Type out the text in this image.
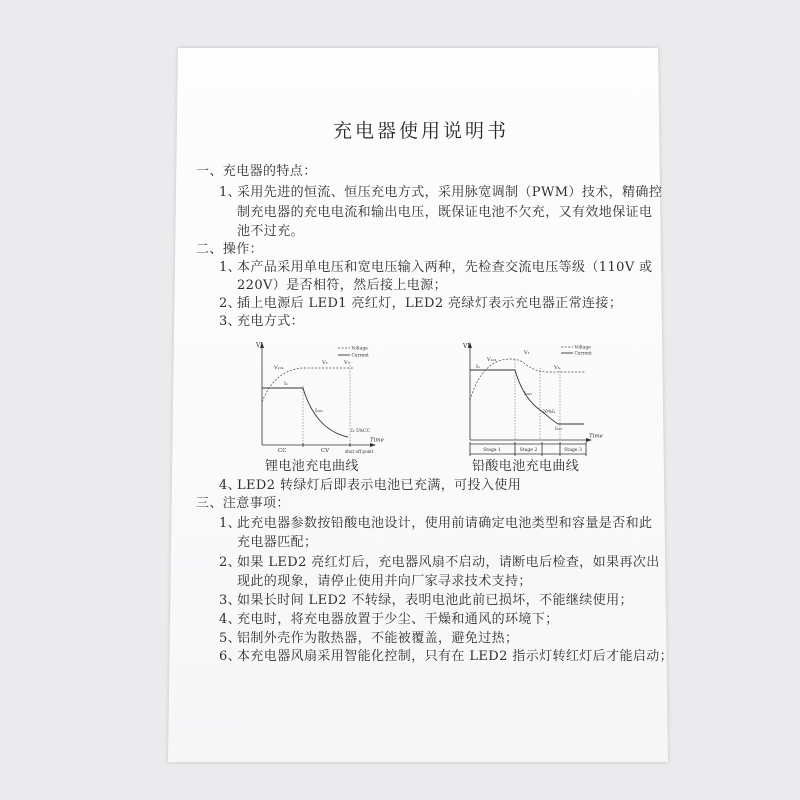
充电器使用说明书
一、充电器的特点：
1、
采用先进的恒流、恒压充电方式，采用脉宽调制（PWM）技术，精确控
制充电器的充电电流和输出电压，既保证电池不欠充，又有效地保证电
池不过充。
二、操作：
1、
本产品采用单电压和宽电压输入两种，先检查交流电压等级（110V 或
220V）是否相符，然后接上电源；
2、
插上电源后 LED1 亮红灯，LED2 亮绿灯表示充电器正常连接；
3、
充电方式：
VI
Time
Voltage
Current
V₁₀₁
V₂	V₇
I₁
I₁₀₁
I₂ 5%CC
CC	CV	shut off point
VI
Time
Voltage
Current
I₁
V₁₀₁
V₂
V₃
I₂₀₁
20%I₁
I₃₀₁
Stage 1	Stage 2	Stage 3
锂电池充电曲线	铅酸电池充电曲线
4、
LED2 转绿灯后即表示电池已充满，可投入使用
三、注意事项：
1、
此充电器参数按铅酸电池设计，使用前请确定电池类型和容量是否和此
充电器匹配；
2、
如果 LED2 亮红灯后，充电器风扇不启动，请断电后检查，如果再次出
现此的现象，请停止使用并向厂家寻求技术支持；
3、
如果长时间 LED2 不转绿，表明电池此前已损坏，不能继续使用；
4、
充电时，将充电器放置于少尘、干燥和通风的环境下；
5、
铝制外壳作为散热器，不能被覆盖，避免过热；
6、
本充电器风扇采用智能化控制，只有在 LED2 指示灯转红灯后才能启动；
